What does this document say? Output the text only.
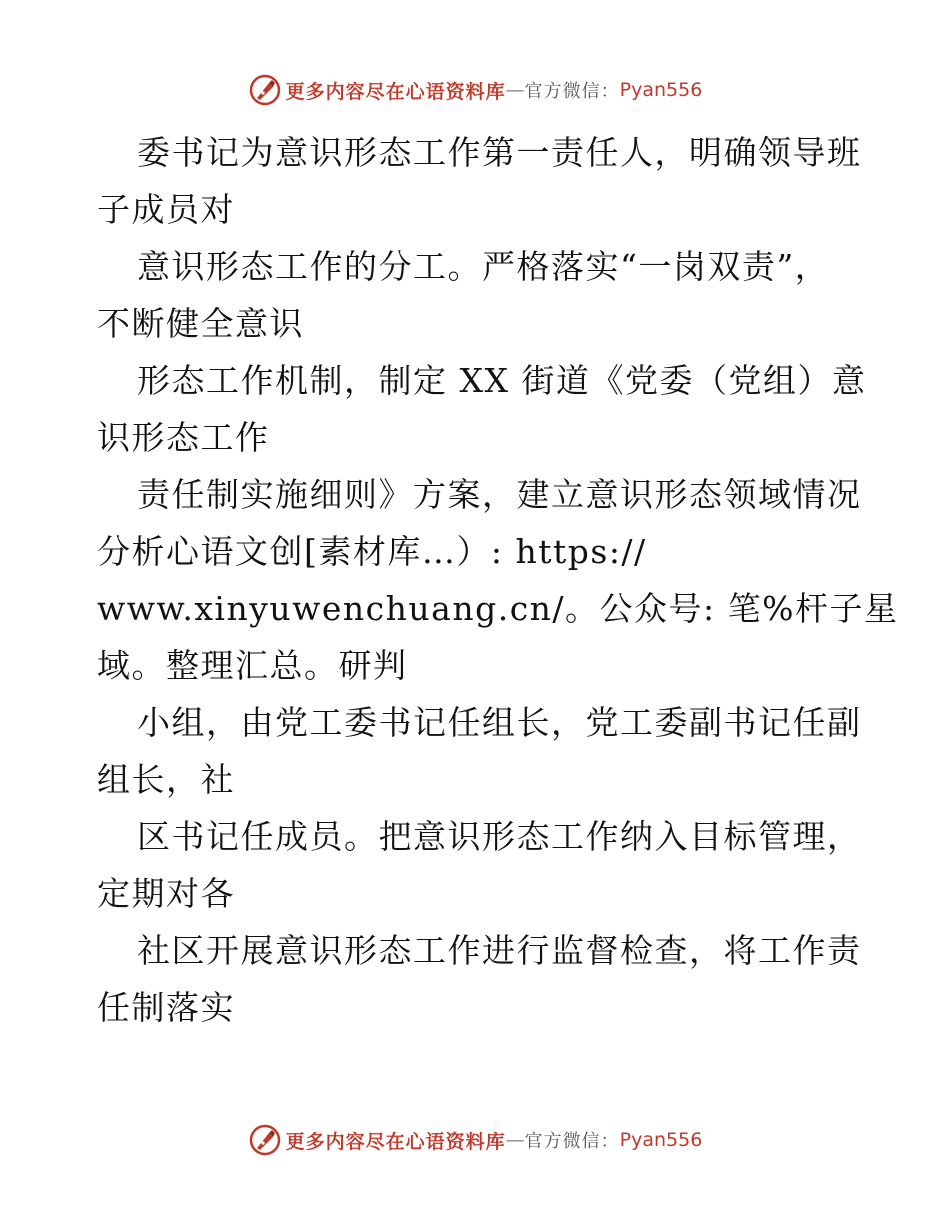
更多内容尽在心语资料库 — 官方微信： Pyan556
委书记为意识形态工作第一责任人，明确领导班
子成员对
意识形态工作的分工。严格落实“一岗双责”，
不断健全意识
形态工作机制，制定 XX 街道《党委（党组）意
识形态工作
责任制实施细则》方案，建立意识形态领域情况
分析心语文创[素材库…）: https://
www.xinyuwenchuang.cn/。公众号: 笔%杆子星
域。整理汇总。研判
小组，由党工委书记任组长，党工委副书记任副
组长，社
区书记任成员。把意识形态工作纳入目标管理，
定期对各
社区开展意识形态工作进行监督检查，将工作责
任制落实
更多内容尽在心语资料库 — 官方微信： Pyan556
